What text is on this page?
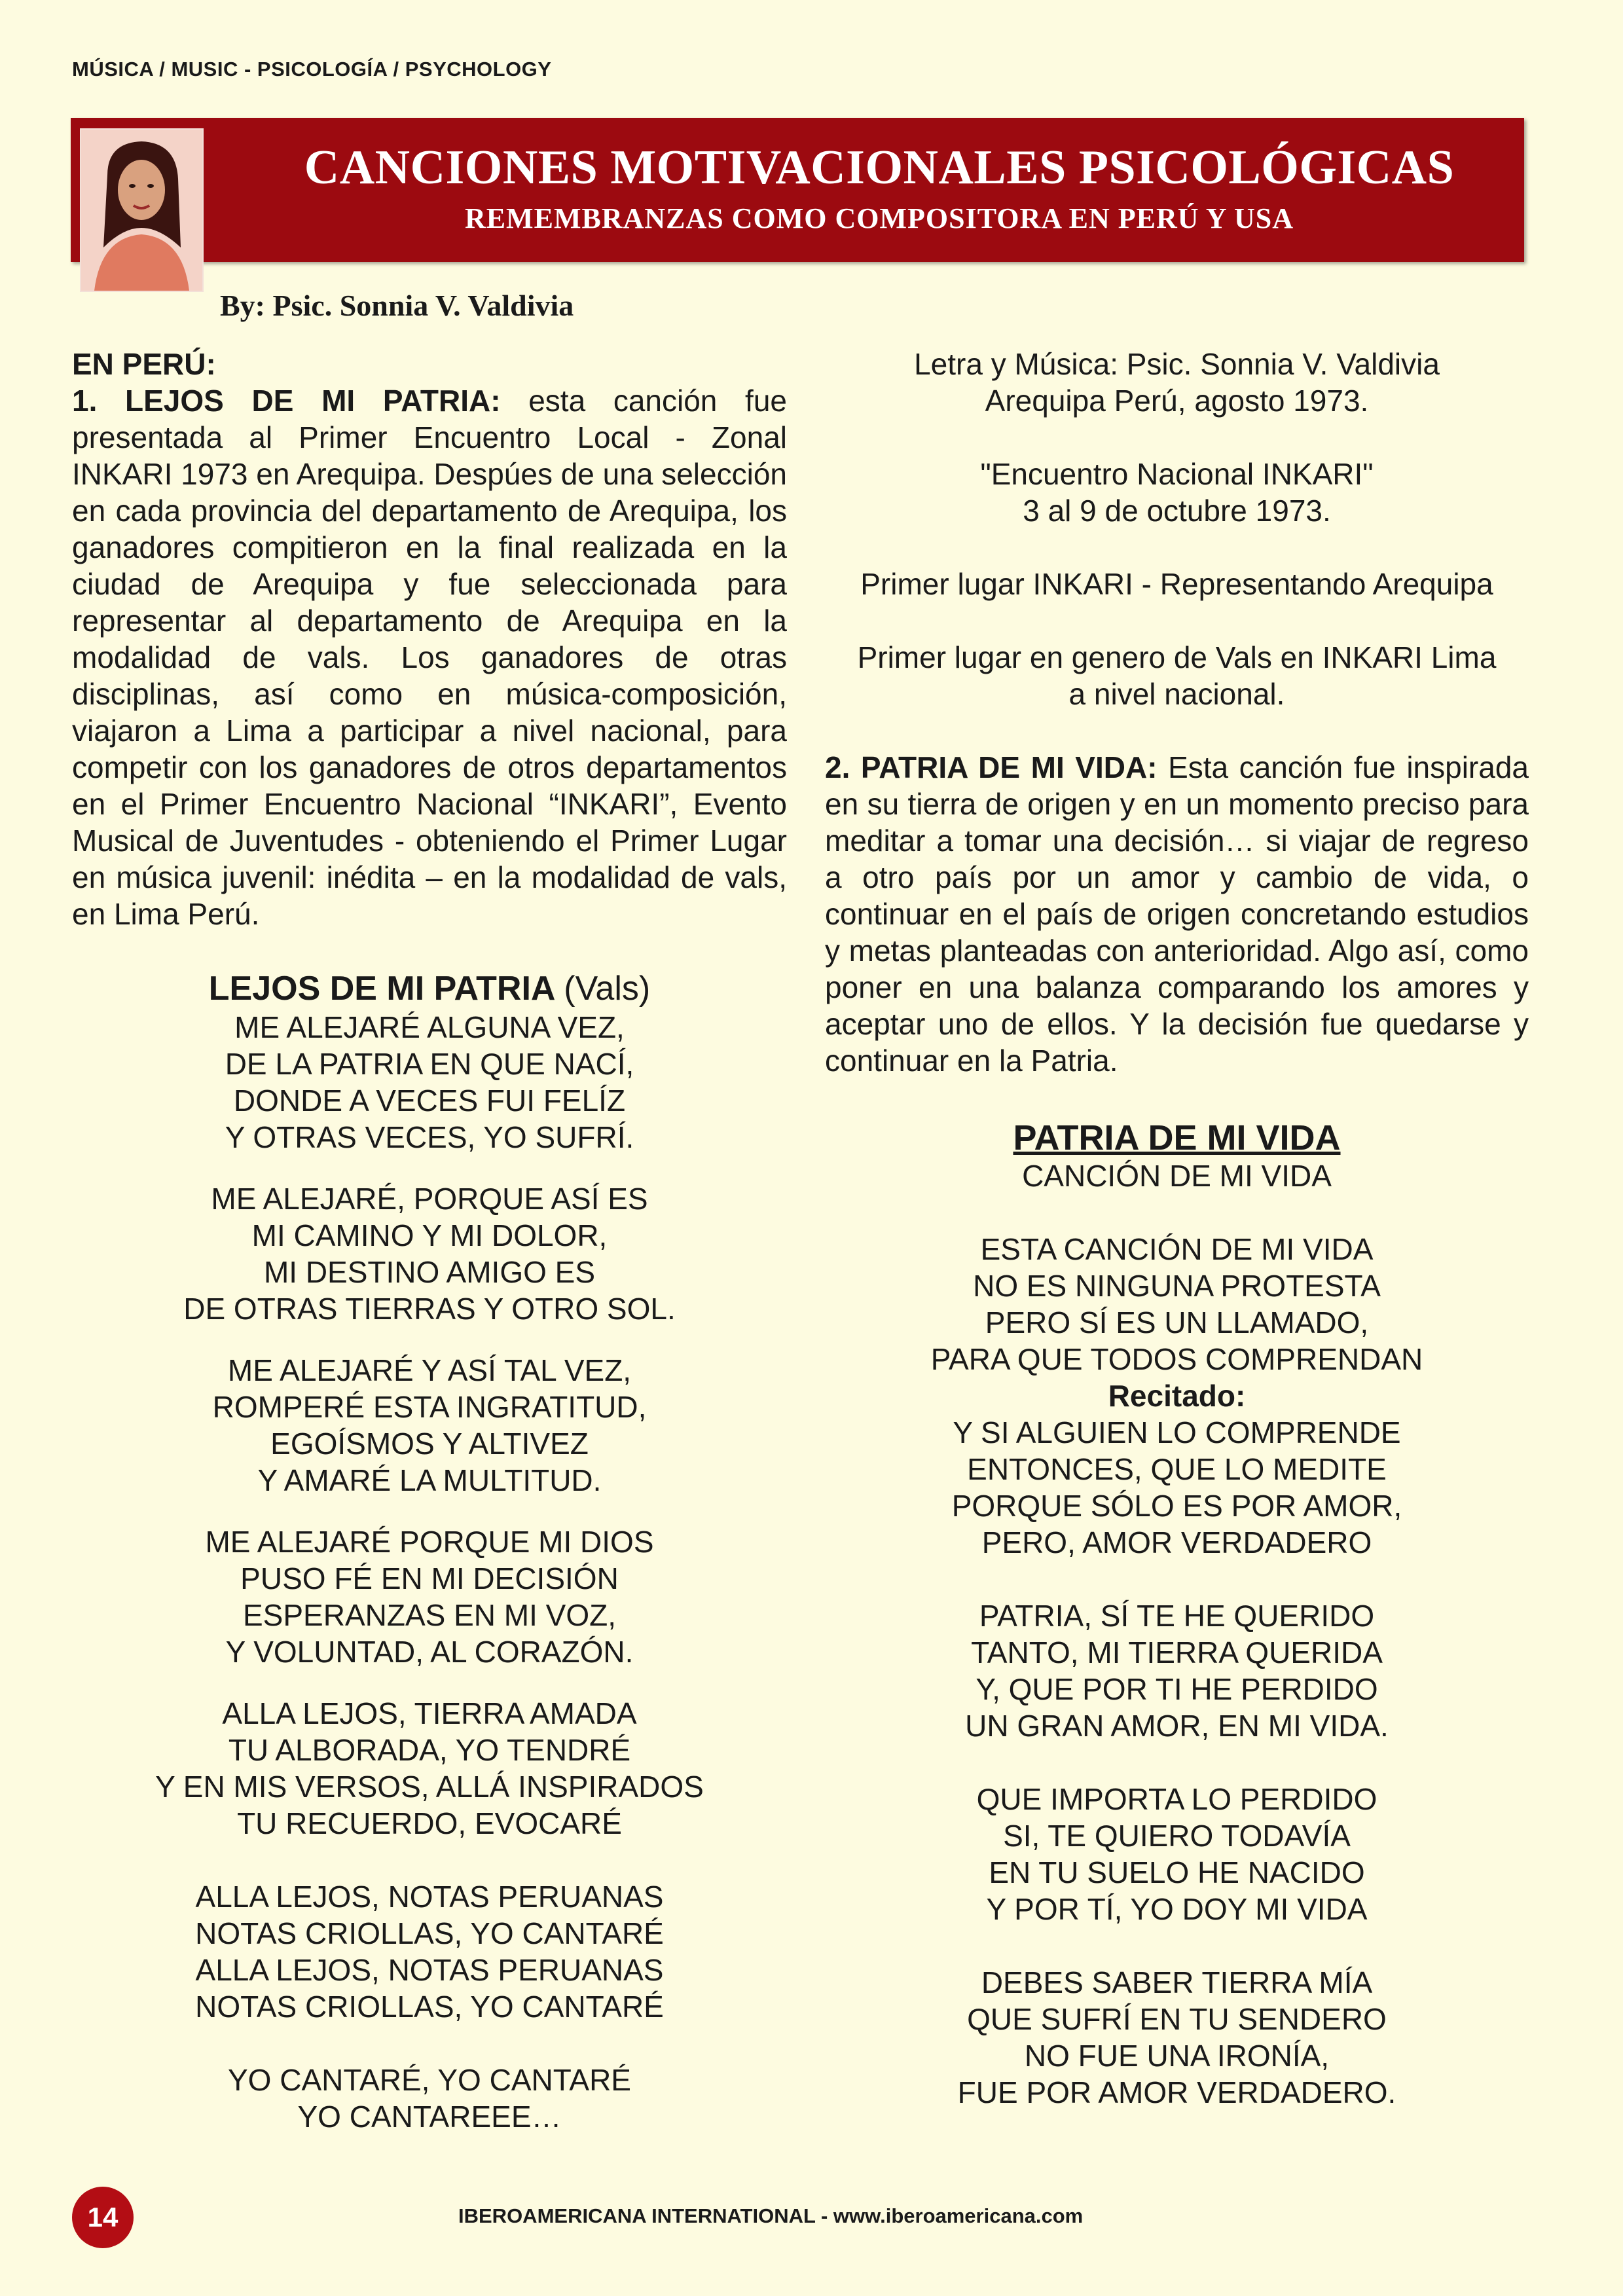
MÚSICA / MUSIC - PSICOLOGÍA / PSYCHOLOGY
CANCIONES MOTIVACIONALES PSICOLÓGICAS
REMEMBRANZAS COMO COMPOSITORA EN PERÚ Y USA
By: Psic. Sonnia V. Valdivia
EN PERÚ:

1. LEJOS DE MI PATRIA: esta canción fue presentada al Primer Encuentro Local - Zonal INKARI 1973 en Arequipa. Despúes de una selección en cada provincia del departamento de Arequipa, los ganadores compitieron en la final realizada en la ciudad de Arequipa y fue seleccionada para representar al departamento de Arequipa en la modalidad de vals. Los ganadores de otras disciplinas, así como en música-composición, viajaron a Lima a participar a nivel nacional, para competir con los ganadores de otros departamentos en el Primer Encuentro Nacional “INKARI”, Evento Musical de Juventudes - obteniendo el Primer Lugar en música juvenil: inédita – en la modalidad de vals, en Lima Perú.

LEJOS DE MI PATRIA (Vals)
ME ALEJARÉ ALGUNA VEZ,
DE LA PATRIA EN QUE NACÍ,
DONDE A VECES FUI FELÍZ
Y OTRAS VECES, YO SUFRÍ.
ME ALEJARÉ, PORQUE ASÍ ES
MI CAMINO Y MI DOLOR,
MI DESTINO AMIGO ES
DE OTRAS TIERRAS Y OTRO SOL.
ME ALEJARÉ Y ASÍ TAL VEZ,
ROMPERÉ ESTA INGRATITUD,
EGOÍSMOS Y ALTIVEZ
Y AMARÉ LA MULTITUD.
ME ALEJARÉ PORQUE MI DIOS
PUSO FÉ EN MI DECISIÓN
ESPERANZAS EN MI VOZ,
Y VOLUNTAD, AL CORAZÓN.
ALLA LEJOS, TIERRA AMADA
TU ALBORADA, YO TENDRÉ
Y EN MIS VERSOS, ALLÁ INSPIRADOS
TU RECUERDO, EVOCARÉ
ALLA LEJOS, NOTAS PERUANAS
NOTAS CRIOLLAS, YO CANTARÉ
ALLA LEJOS, NOTAS PERUANAS
NOTAS CRIOLLAS, YO CANTARÉ
YO CANTARÉ, YO CANTARÉ
YO CANTAREEE…
Letra y Música: Psic. Sonnia V. Valdivia
Arequipa Perú, agosto 1973.
"Encuentro Nacional INKARI"
3 al 9 de octubre 1973.
Primer lugar INKARI - Representando Arequipa
Primer lugar en genero de Vals en INKARI Lima
a nivel nacional.

2. PATRIA DE MI VIDA: Esta canción fue inspirada en su tierra de origen y en un momento preciso para meditar a tomar una decisión… si viajar de regreso a otro país por un amor y cambio de vida, o continuar en el país de origen concretando estudios y metas planteadas con anterioridad. Algo así, como poner en una balanza comparando los amores y aceptar uno de ellos. Y la decisión fue quedarse y continuar en la Patria.

PATRIA DE MI VIDA
CANCIÓN DE MI VIDA
ESTA CANCIÓN DE MI VIDA
NO ES NINGUNA PROTESTA
PERO SÍ ES UN LLAMADO,
PARA QUE TODOS COMPRENDAN
Recitado:
Y SI ALGUIEN LO COMPRENDE
ENTONCES, QUE LO MEDITE
PORQUE SÓLO ES POR AMOR,
PERO, AMOR VERDADERO
PATRIA, SÍ TE HE QUERIDO
TANTO, MI TIERRA QUERIDA
Y, QUE POR TI HE PERDIDO
UN GRAN AMOR, EN MI VIDA.
QUE IMPORTA LO PERDIDO
SI, TE QUIERO TODAVÍA
EN TU SUELO HE NACIDO
Y POR TÍ, YO DOY MI VIDA
DEBES SABER TIERRA MÍA
QUE SUFRÍ EN TU SENDERO
NO FUE UNA IRONÍA,
FUE POR AMOR VERDADERO.
14	IBEROAMERICANA INTERNATIONAL - www.iberoamericana.com
